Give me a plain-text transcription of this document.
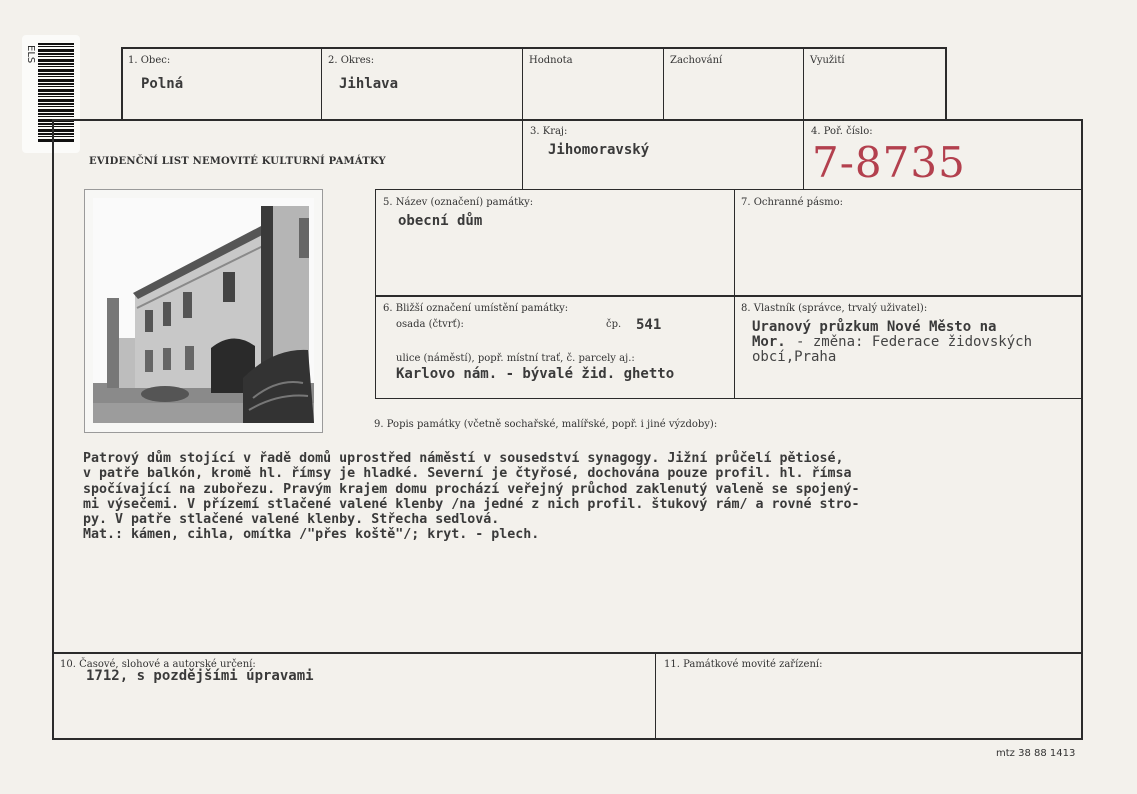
ELS	1. Obec:
Polná
2. Okres:
Jihlava
Hodnota	Zachování	Využití
EVIDENČNÍ LIST NEMOVITÉ KULTURNÍ PAMÁTKY
3. Kraj:
Jihomoravský
4. Poř. číslo:
7-8735
5. Název (označení) památky:
obecní dům
7. Ochranné pásmo:
6. Bližší označení umístění památky:
osada (čtvrť):	čp. 541
ulice (náměstí), popř. místní trať, č. parcely aj.:
Karlovo nám. - bývalé žid. ghetto
8. Vlastník (správce, trvalý uživatel):
Uranový průzkum Nové Město na
Mor. - změna: Federace židovských
obcí,Praha
9. Popis památky (včetně sochařské, malířské, popř. i jiné výzdoby):
Patrový dům stojící v řadě domů uprostřed náměstí v sousedství synagogy. Jižní průčelí pětiosé,
v patře balkón, kromě hl. římsy je hladké. Severní je čtyřosé, dochována pouze profil. hl. římsa
spočívající na zubořezu. Pravým krajem domu prochází veřejný průchod zaklenutý valeně se spojený-
mi výsečemi. V přízemí stlačené valené klenby /na jedné z nich profil. štukový rám/ a rovné stro-
py. V patře stlačené valené klenby. Střecha sedlová.
Mat.: kámen, cihla, omítka /"přes koště"/; kryt. - plech.
10. Časové, slohové a autorské určení:
1712, s pozdějšími úpravami
11. Památkové movité zařízení:
mtz 38 88 1413
